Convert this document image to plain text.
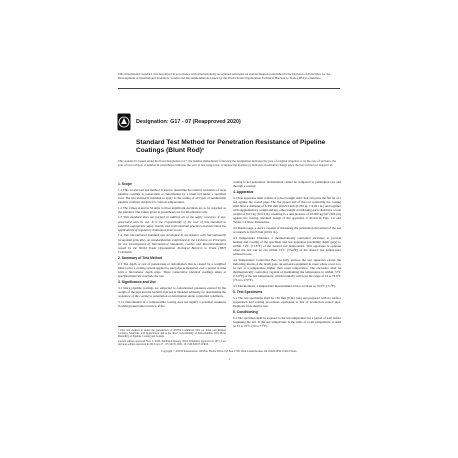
This international standard was developed in accordance with internationally recognized principles on standardization established in the Decision on Principles for the Development of International Standards, Guides and Recommendations issued by the World Trade Organization Technical Barriers to Trade (TBT) Committee.
Designation: G17 - 07 (Reapproved 2020)
Standard Test Method for Penetration Resistance of Pipeline Coatings (Blunt Rod)¹
This standard is issued under the fixed designation G17; the number immediately following the designation indicates the year of original adoption or, in the case of revision, the year of last revision. A number in parentheses indicates the year of last reapproval. A superscript epsilon (ε) indicates an editorial change since the last revision or reapproval.
1. Scope

1.1 This accelerated test method is used to determine the relative resistance of steel pipeline coatings to penetration or deformation by a blunt rod under a specified load. The test method is intended to apply to the testing of all types of nonmetallic pipeline coatings, subjected to various temperatures.

1.2 The values stated in SI units to three significant decimals are to be regarded as the standard. The values given in parentheses are for information only.

1.3 This standard does not purport to address all of the safety concerns, if any, associated with its use. It is the responsibility of the user of this standard to establish appropriate safety, health, and environmental practices and determine the applicability of regulatory limitations prior to use.

1.4 This international standard was developed in accordance with internationally recognized principles on standardization established in the Decision on Principles for the Development of International Standards, Guides and Recommendations issued by the World Trade Organization Technical Barriers to Trade (TBT) Committee.

2. Summary of Test Method

2.1 The depth or rate of penetration or deformation that is caused by a weighted blunt rod to a coating system applied to steel pipe is measured over a period of time with a micrometer depth gage. Three consecutive identical readings taken at specified intervals conclude the test.

3. Significance and Use

3.1 Since pipeline coatings are subjected to concentrated pressures exerted by the weight of the pipe and the backfill, this test is intended primarily for determining the resistance of the coating to penetration or deformation under controlled conditions.

3.1.1 Deformation of a compressible coating does not signify a potential weakness in underground buried service, if the

coating is not penetrated. Deformation cannot be compared to penetration rate and through a coating.

4. Apparatus

4.1 Test apparatus shall consist of a dead weight tester that can press the flat tip of a rod against the coated pipe. The flat tipped end of the rod contacting the coating shall have a diameter of 6.350 mm (0.0254 mm (0.250 in. ± 0.001 in.) and together with supplementary weight and any other weight contributing parts shall have a total weight of 8.03 kg (6.613 lb), resulting in a unit pressure of 10.000 kg/cm² (200 psi) against the coating. Detailed design of the apparatus is shown in Figs. 1-6 and Tables 1-4 show dimensions.

4.2 Depth Gage, a device capable of measuring the penetration movement of the rod accurately to 0.025 mm (0.001 in.).

4.3 Temperature Chamber, a thermostatically controlled enclosure to provide heating and cooling of the specimen and test apparatus (excluding depth gage) to within ±1°C (±1.8°F) of the desired test temperature. This apparatus is optional when the test can be run within ±2°C (±3.6°F) of the desired test temperature without its use.

4.4 Temperature Controlled Box, to fully enclose the test apparatus except the indicating means of the depth gage, an optional equipment in cases where a test is to be run at a temperature higher than room temperature. The enclosure shall be thermostatically controlled, capable of maintaining the temperature to within ±2°C (±3.6°F) of the test temperature, which normally will be in the range of 23 to 76.6°C (73.4 to 170°F).

4.5 Thermometer, a temperature measurement device accurate to ±0.5°C (±1°F).

5. Test Specimens

5.1 The test specimens shall be 150 mm (6 in.) long and prepared with no surface preparation and coating procedures equivalent to that of production coated pipe. Duplicate tests shall be run.

6. Conditioning

6.1 The specimen shall be exposed to the test temperature for a period of 24 h before beginning the test. If the test temperature is the same as room temperature, it shall be 23 to 25°C (70 to 77°F).

¹ This test method is under the jurisdiction of ASTM Committee D01 on Paint and Related Coatings, Materials, and Applications and is the direct responsibility of Subcommittee D01.48 on Durability of Pipeline Coating and Linings.

Current edition approved Nov. 1, 2020. Published January 2020. Originally approved in 1971. Last previous edition approved in 2013 as G17 - 07 (2013). DOI: 10.1520/G0017-07R20.

Copyright © ASTM International, 100 Barr Harbor Drive, PO Box C700, West Conshohocken, PA 19428-2959. United States
1
